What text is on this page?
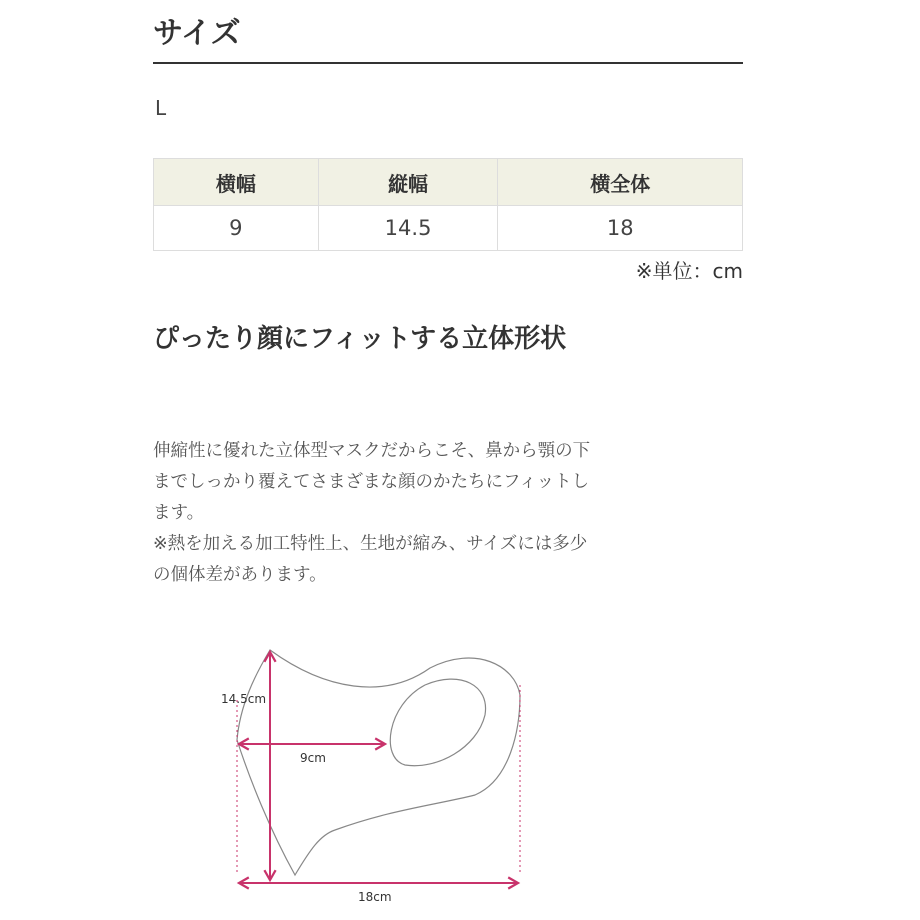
サイズ
L
横幅	縦幅	横全体
9	14.5	18
※単位：cm
ぴったり顔にフィットする立体形状

伸縮性に優れた立体型マスクだからこそ、鼻から顎の下までしっかり覆えてさまざまな顔のかたちにフィットします。

※熱を加える加工特性上、生地が縮み、サイズには多少の個体差があります。

14.5cm
9cm
18cm
